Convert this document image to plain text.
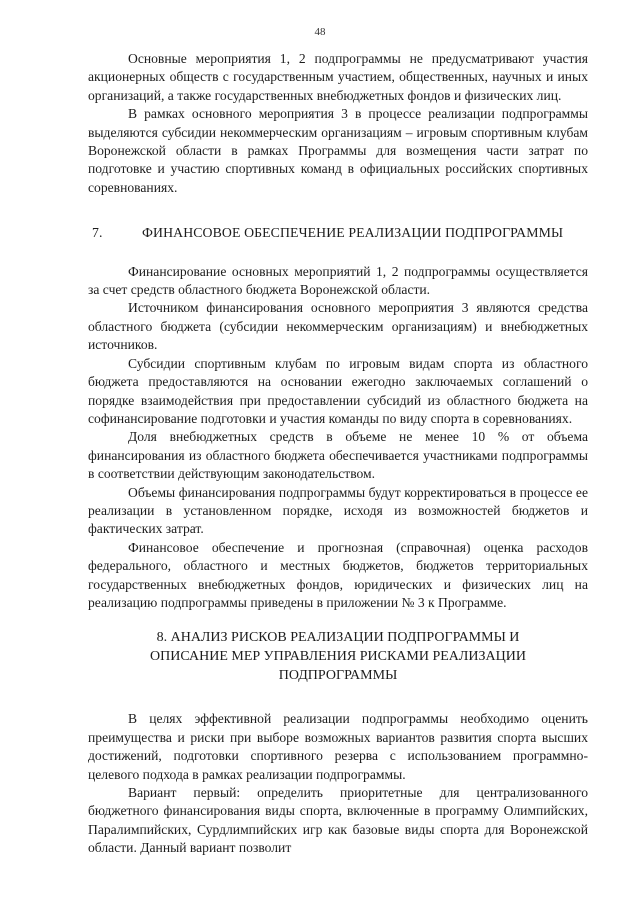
48

Основные мероприятия 1, 2 подпрограммы не предусматривают участия акционерных обществ с государственным участием, общественных, научных и иных организаций, а также государственных внебюджетных фондов и физических лиц.

В рамках основного мероприятия 3 в процессе реализации подпрограммы выделяются субсидии некоммерческим организациям – игровым спортивным клубам Воронежской области в рамках Программы для возмещения части затрат по подготовке и участию спортивных команд в официальных российских спортивных соревнованиях.

7.	ФИНАНСОВОЕ ОБЕСПЕЧЕНИЕ РЕАЛИЗАЦИИ ПОДПРОГРАММЫ

Финансирование основных мероприятий 1, 2 подпрограммы осуществляется за счет средств областного бюджета Воронежской области.

Источником финансирования основного мероприятия 3 являются средства областного бюджета (субсидии некоммерческим организациям) и внебюджетных источников.

Субсидии спортивным клубам по игровым видам спорта из областного бюджета предоставляются на основании ежегодно заключаемых соглашений о порядке взаимодействия при предоставлении субсидий из областного бюджета на софинансирование подготовки и участия команды по виду спорта в соревнованиях.

Доля внебюджетных средств в объеме не менее 10 % от объема финансирования из областного бюджета обеспечивается участниками подпрограммы в соответствии действующим законодательством.

Объемы финансирования подпрограммы будут корректироваться в процессе ее реализации в установленном порядке, исходя из возможностей бюджетов и фактических затрат.

Финансовое обеспечение и прогнозная (справочная) оценка расходов федерального, областного и местных бюджетов, бюджетов территориальных государственных внебюджетных фондов, юридических и физических лиц на реализацию подпрограммы приведены в приложении № 3 к Программе.

8. АНАЛИЗ РИСКОВ РЕАЛИЗАЦИИ ПОДПРОГРАММЫ И
ОПИСАНИЕ МЕР УПРАВЛЕНИЯ РИСКАМИ РЕАЛИЗАЦИИ
ПОДПРОГРАММЫ

В целях эффективной реализации подпрограммы необходимо оценить преимущества и риски при выборе возможных вариантов развития спорта высших достижений, подготовки спортивного резерва с использованием программно-целевого подхода в рамках реализации подпрограммы.

Вариант первый: определить приоритетные для централизованного бюджетного финансирования виды спорта, включенные в программу Олимпийских, Паралимпийских, Сурдлимпийских игр как базовые виды спорта для Воронежской области. Данный вариант позволит
